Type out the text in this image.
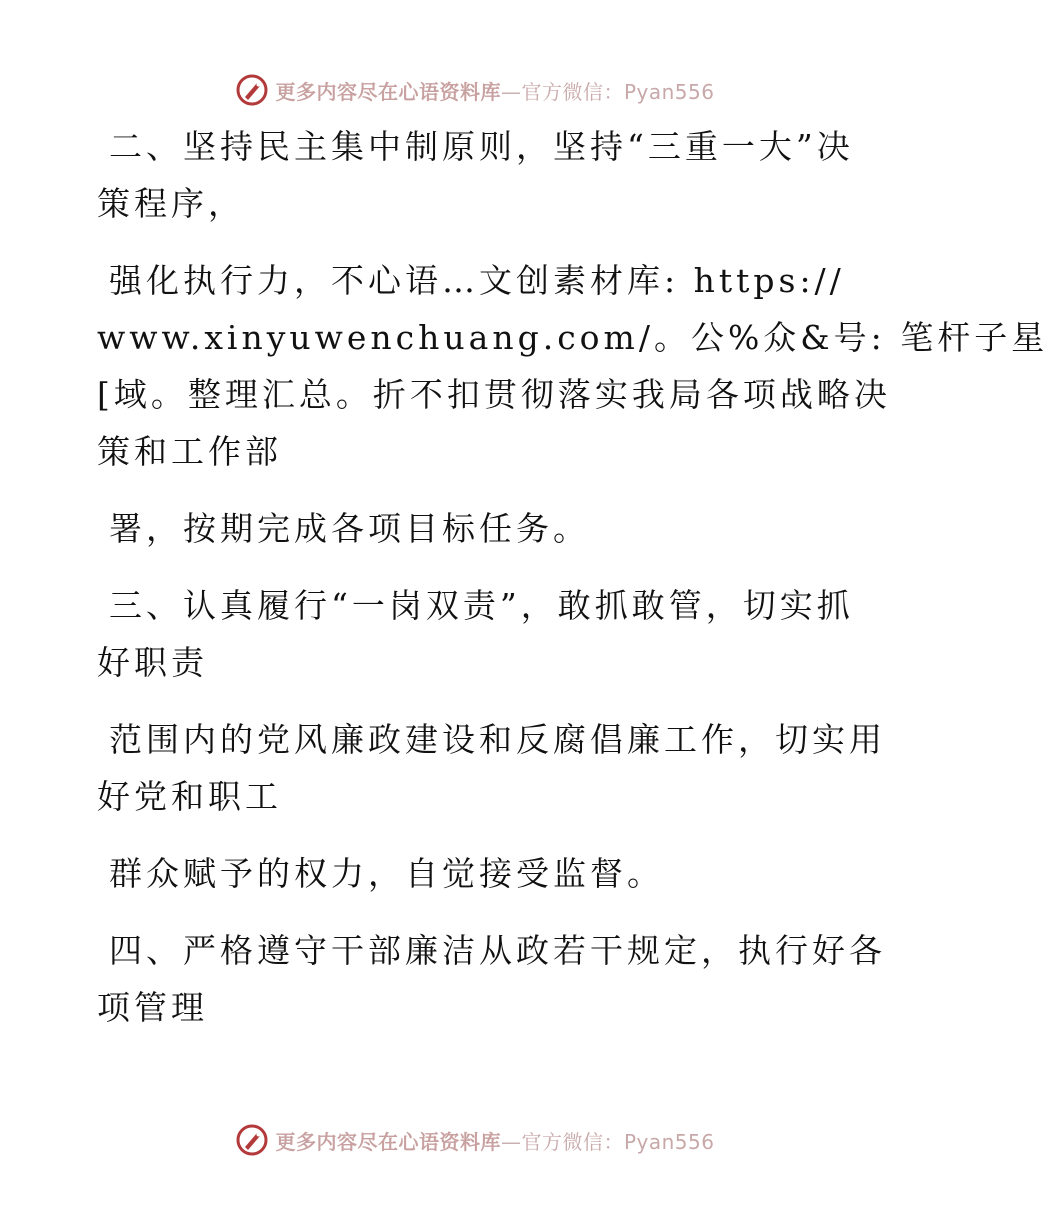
更多内容尽在心语资料库—官方微信：Pyan556
二、坚持民主集中制原则，坚持“三重一大”决
策程序，
强化执行力，不心语…文创素材库: https://
www.xinyuwenchuang.com/。公%众&号: 笔杆子星
[域。整理汇总。折不扣贯彻落实我局各项战略决
策和工作部
署，按期完成各项目标任务。
三、认真履行“一岗双责”，敢抓敢管，切实抓
好职责
范围内的党风廉政建设和反腐倡廉工作，切实用
好党和职工
群众赋予的权力，自觉接受监督。
四、严格遵守干部廉洁从政若干规定，执行好各
项管理
更多内容尽在心语资料库—官方微信：Pyan556
